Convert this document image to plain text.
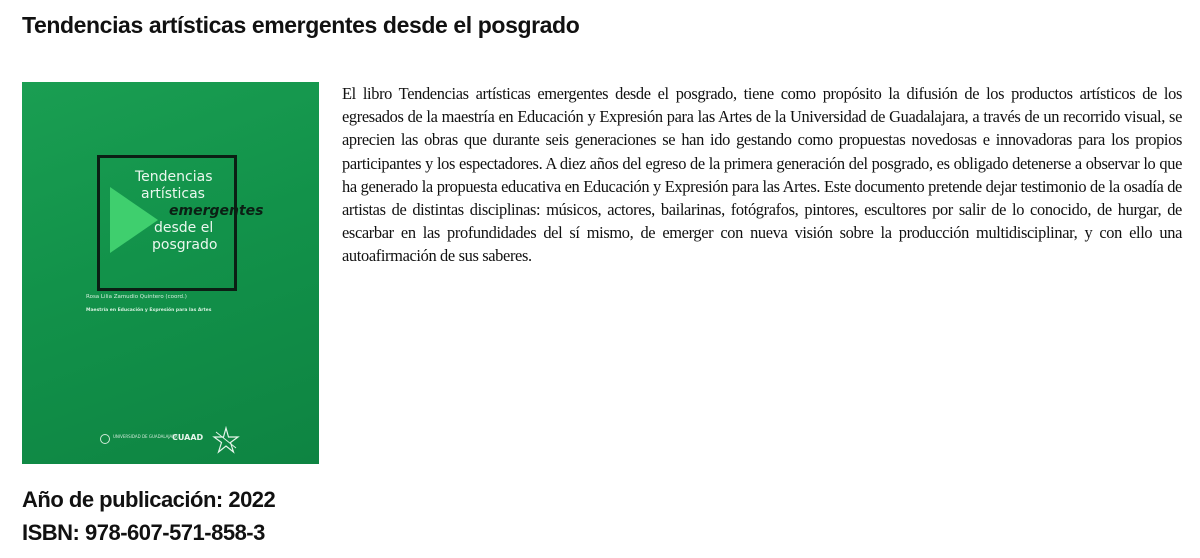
Tendencias artísticas emergentes desde el posgrado
Tendencias
artísticas
emergentes
desde el
posgrado
Rosa Lilia Zamudio Quintero (coord.)
Maestría en Educación y Expresión para las Artes
UNIVERSIDAD DE GUADALAJARA
CUAAD

El libro Tendencias artísticas emergentes desde el posgrado, tiene como propósito la difusión de los productos artísticos de los egresados de la maestría en Educación y Expresión para las Artes de la Universidad de Guadalajara, a través de un recorrido visual, se aprecien las obras que durante seis generaciones se han ido gestando como propuestas novedosas e innovadoras para los propios participantes y los espectadores. A diez años del egreso de la primera generación del posgrado, es obligado detenerse a observar lo que ha generado la propuesta educativa en Educación y Expresión para las Artes. Este documento pretende dejar testimonio de la osadía de artistas de distintas disciplinas: músicos, actores, bailarinas, fotógrafos, pintores, escultores por salir de lo conocido, de hurgar, de escarbar en las profundidades del sí mismo, de emerger con nueva visión sobre la producción multidisciplinar, y con ello una autoafirmación de sus saberes.

Año de publicación: 2022
ISBN: 978-607-571-858-3
